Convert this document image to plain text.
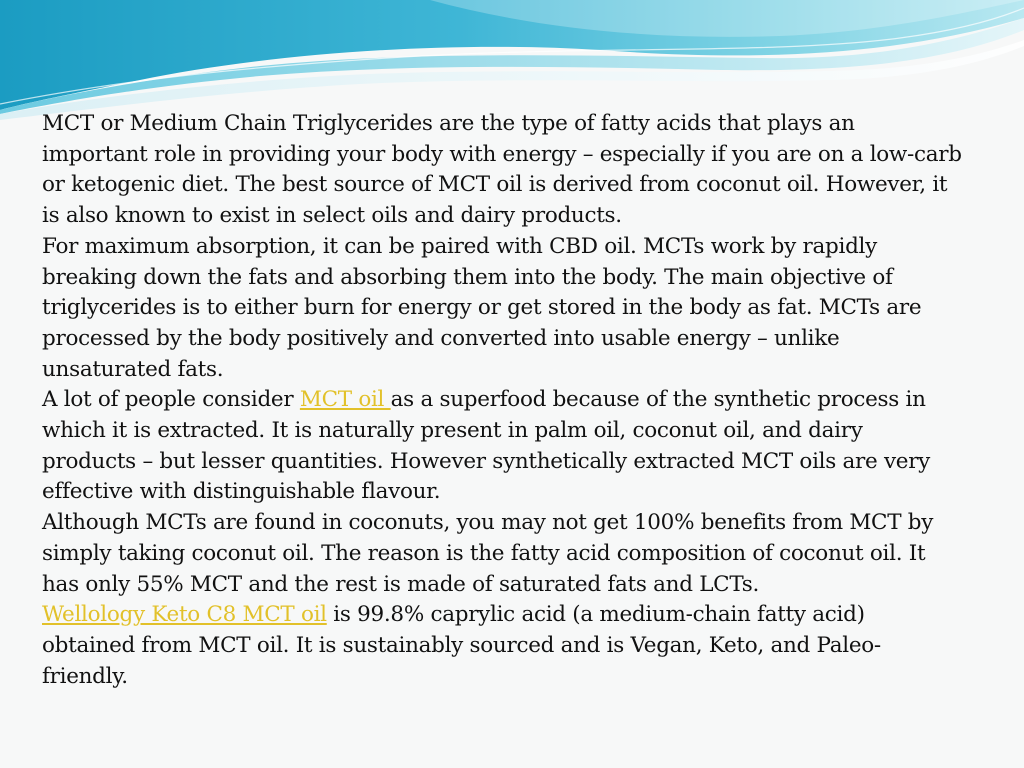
MCT or Medium Chain Triglycerides are the type of fatty acids that plays an important role in providing your body with energy – especially if you are on a low-carb or ketogenic diet. The best source of MCT oil is derived from coconut oil. However, it is also known to exist in select oils and dairy products.

For maximum absorption, it can be paired with CBD oil. MCTs work by rapidly breaking down the fats and absorbing them into the body. The main objective of triglycerides is to either burn for energy or get stored in the body as fat. MCTs are processed by the body positively and converted into usable energy – unlike unsaturated fats.

A lot of people consider MCT oil as a superfood because of the synthetic process in which it is extracted. It is naturally present in palm oil, coconut oil, and dairy products – but lesser quantities. However synthetically extracted MCT oils are very effective with distinguishable flavour.

Although MCTs are found in coconuts, you may not get 100% benefits from MCT by simply taking coconut oil. The reason is the fatty acid composition of coconut oil. It has only 55% MCT and the rest is made of saturated fats and LCTs.

Wellology Keto C8 MCT oil is 99.8% caprylic acid (a medium-chain fatty acid) obtained from MCT oil. It is sustainably sourced and is Vegan, Keto, and Paleo-friendly.
